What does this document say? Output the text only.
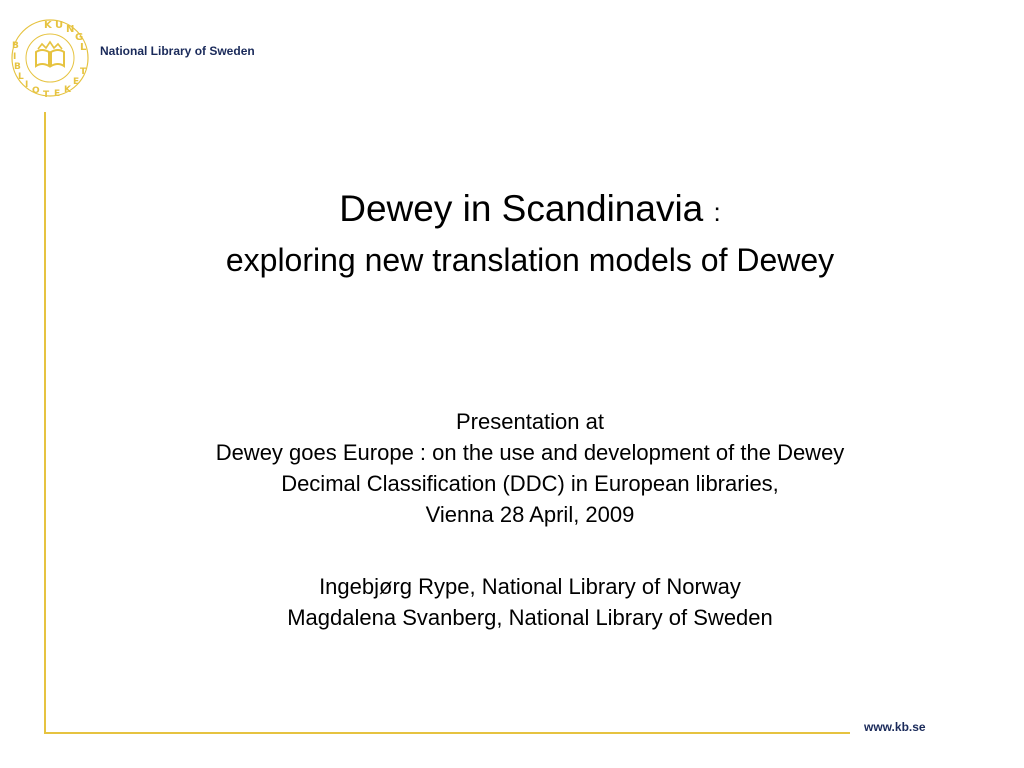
K U N
G
L
B
I
B
L
I
O T E K
E
T
National Library of Sweden
Dewey in Scandinavia :
exploring new translation models of Dewey
Presentation at
Dewey goes Europe : on the use and development of the Dewey
Decimal Classification (DDC) in European libraries,
Vienna 28 April, 2009
Ingebjørg Rype, National Library of Norway
Magdalena Svanberg, National Library of Sweden
www.kb.se
